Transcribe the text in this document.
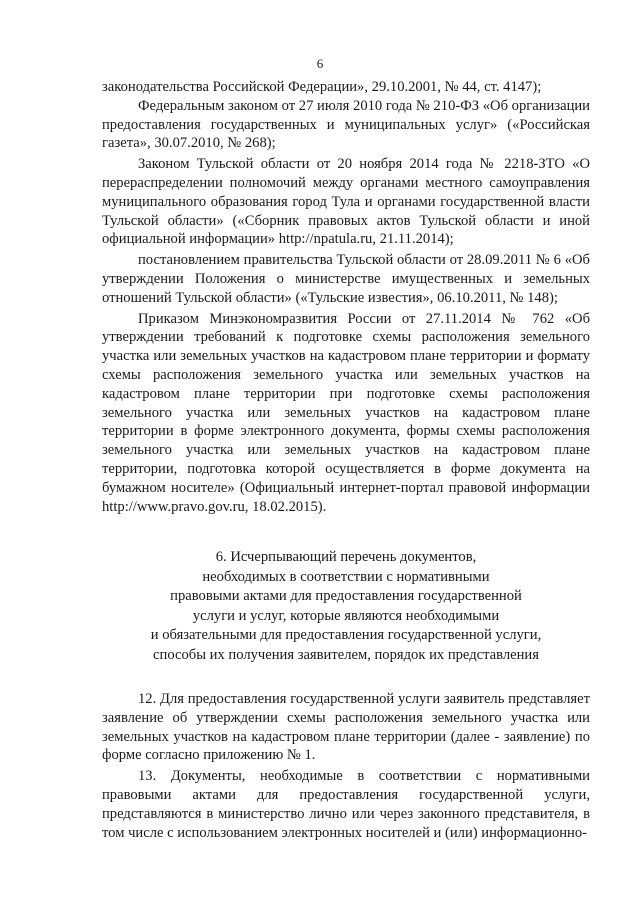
6

законодательства Российской Федерации», 29.10.2001, № 44, ст. 4147);

Федеральным законом от 27 июля 2010 года № 210-ФЗ «Об организации предоставления государственных и муниципальных услуг» («Российская газета», 30.07.2010, № 268);

Законом Тульской области от 20 ноября 2014 года № 2218-ЗТО «О перераспределении полномочий между органами местного самоуправления муниципального образования город Тула и органами государственной власти Тульской области» («Сборник правовых актов Тульской области и иной официальной информации» http://npatula.ru, 21.11.2014);

постановлением правительства Тульской области от 28.09.2011 № 6 «Об утверждении Положения о министерстве имущественных и земельных отношений Тульской области» («Тульские известия», 06.10.2011, № 148);

Приказом Минэкономразвития России от 27.11.2014 № 762 «Об утверждении требований к подготовке схемы расположения земельного участка или земельных участков на кадастровом плане территории и формату схемы расположения земельного участка или земельных участков на кадастровом плане территории при подготовке схемы расположения земельного участка или земельных участков на кадастровом плане территории в форме электронного документа, формы схемы расположения земельного участка или земельных участков на кадастровом плане территории, подготовка которой осуществляется в форме документа на бумажном носителе» (Официальный интернет-портал правовой информации http://www.pravo.gov.ru, 18.02.2015).

6. Исчерпывающий перечень документов,
необходимых в соответствии с нормативными
правовыми актами для предоставления государственной
услуги и услуг, которые являются необходимыми
и обязательными для предоставления государственной услуги,
способы их получения заявителем, порядок их представления

12. Для предоставления государственной услуги заявитель представляет заявление об утверждении схемы расположения земельного участка или земельных участков на кадастровом плане территории (далее - заявление) по форме согласно приложению № 1.

13. Документы, необходимые в соответствии с нормативными правовыми актами для предоставления государственной услуги, представляются в министерство лично или через законного представителя, в том числе с использованием электронных носителей и (или) информационно-
